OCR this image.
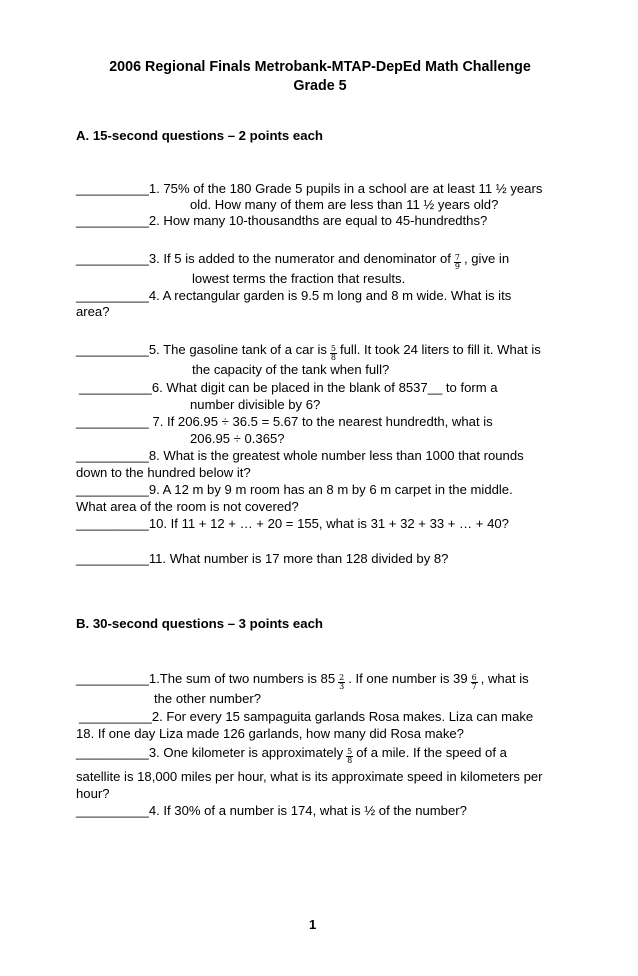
2006 Regional Finals Metrobank-MTAP-DepEd Math Challenge

Grade 5

A. 15-second questions – 2 points each

__________1. 75% of the 180 Grade 5 pupils in a school are at least 11 ½ years

old. How many of them are less than 11 ½ years old?

__________2. How many 10-thousandths are equal to 45-hundredths?

__________3. If 5 is added to the numerator and denominator of $\frac{7}{9}$ , give in

lowest terms the fraction that results.

__________4. A rectangular garden is 9.5 m long and 8 m wide. What is its

area?

__________5. The gasoline tank of a car is $\frac{5}{8}$ full. It took 24 liters to fill it. What is

the capacity of the tank when full?

__________6. What digit can be placed in the blank of 8537__ to form a

number divisible by 6?

__________ 7. If 206.95 ÷ 36.5 = 5.67 to the nearest hundredth, what is

206.95 ÷ 0.365?

__________8. What is the greatest whole number less than 1000 that rounds

down to the hundred below it?

__________9. A 12 m by 9 m room has an 8 m by 6 m carpet in the middle.

What area of the room is not covered?

__________10. If 11 + 12 + … + 20 = 155, what is 31 + 32 + 33 + … + 40?

__________11. What number is 17 more than 128 divided by 8?

B. 30-second questions – 3 points each

__________1.The sum of two numbers is $85 \frac{2}{3}$ . If one number is $39 \frac{6}{7}$ , what is

the other number?

__________2. For every 15 sampaguita garlands Rosa makes. Liza can make

18. If one day Liza made 126 garlands, how many did Rosa make?

__________3. One kilometer is approximately $\frac{5}{8}$ of a mile. If the speed of a

satellite is 18,000 miles per hour, what is its approximate speed in kilometers per

hour?

__________4. If 30% of a number is 174, what is ½ of the number?

1
